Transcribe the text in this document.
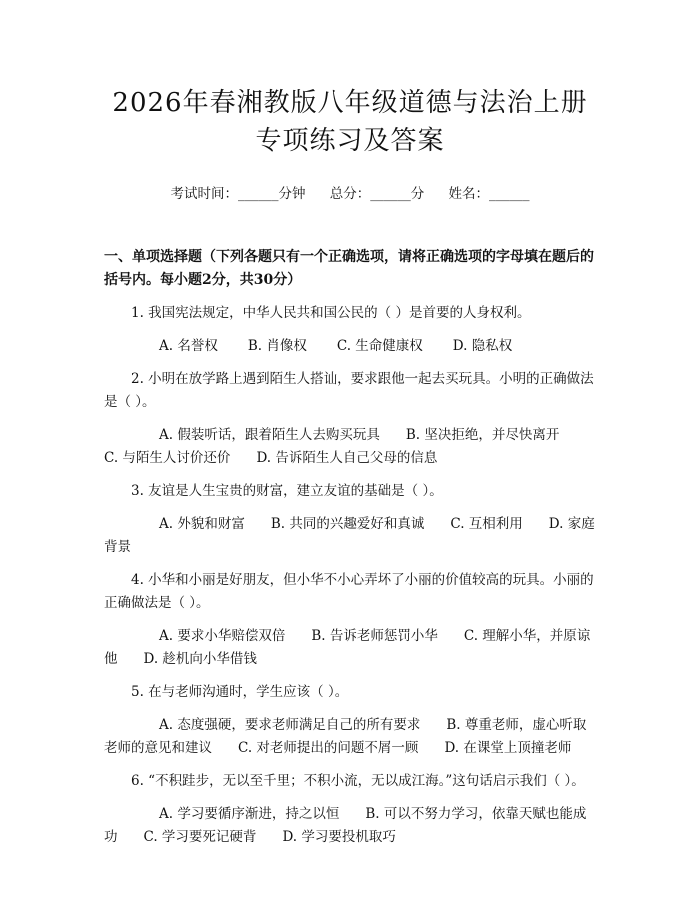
2026年春湘教版八年级道德与法治上册专项练习及答案
考试时间：______分钟 总分：______分 姓名：______
一、单项选择题（下列各题只有一个正确选项，请将正确选项的字母填在题后的括号内。每小题2分，共30分）
1. 我国宪法规定，中华人民共和国公民的（ ）是首要的人身权利。
A. 名誉权 B. 肖像权 C. 生命健康权 D. 隐私权
2. 小明在放学路上遇到陌生人搭讪，要求跟他一起去买玩具。小明的正确做法是（ ）。
A. 假装听话，跟着陌生人去购买玩具 B. 坚决拒绝，并尽快离开C. 与陌生人讨价还价 D. 告诉陌生人自己父母的信息
3. 友谊是人生宝贵的财富，建立友谊的基础是（ ）。
A. 外貌和财富 B. 共同的兴趣爱好和真诚 C. 互相利用 D. 家庭背景
4. 小华和小丽是好朋友，但小华不小心弄坏了小丽的价值较高的玩具。小丽的正确做法是（ ）。
A. 要求小华赔偿双倍 B. 告诉老师惩罚小华 C. 理解小华，并原谅他 D. 趁机向小华借钱
5. 在与老师沟通时，学生应该（ ）。
A. 态度强硬，要求老师满足自己的所有要求 B. 尊重老师，虚心听取老师的意见和建议 C. 对老师提出的问题不屑一顾 D. 在课堂上顶撞老师
6. “不积跬步，无以至千里；不积小流，无以成江海。”这句话启示我们（ ）。
A. 学习要循序渐进，持之以恒 B. 可以不努力学习，依靠天赋也能成功 C. 学习要死记硬背 D. 学习要投机取巧
